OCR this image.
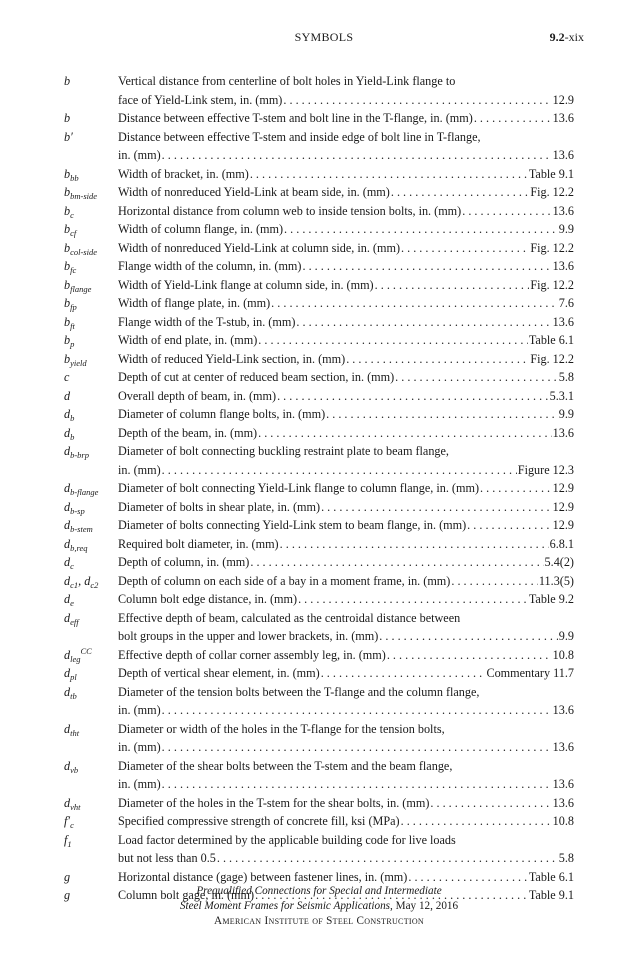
SYMBOLS	9.2-xix
b	Vertical distance from centerline of bolt holes in Yield-Link flange to
face of Yield-Link stem, in. (mm) . . .	12.9
b	Distance between effective T-stem and bolt line in the T-flange, in. (mm) . . .	13.6
b′	Distance between effective T-stem and inside edge of bolt line in T-flange,
in. (mm) . . .	13.6
$b_{bb}$	Width of bracket, in. (mm) . . .	Table 9.1
$b_{bm-side}$	Width of nonreduced Yield-Link at beam side, in. (mm) . . .	Fig. 12.2
$b_c$	Horizontal distance from column web to inside tension bolts, in. (mm) . . .	13.6
$b_{cf}$	Width of column flange, in. (mm) . . .	9.9
$b_{col-side}$	Width of nonreduced Yield-Link at column side, in. (mm) . . .	Fig. 12.2
$b_{fc}$	Flange width of the column, in. (mm) . . .	13.6
$b_{flange}$	Width of Yield-Link flange at column side, in. (mm) . . .	Fig. 12.2
$b_{fp}$	Width of flange plate, in. (mm) . . .	7.6
$b_{ft}$	Flange width of the T-stub, in. (mm) . . .	13.6
$b_p$	Width of end plate, in. (mm) . . .	Table 6.1
$b_{yield}$	Width of reduced Yield-Link section, in. (mm) . . .	Fig. 12.2
c	Depth of cut at center of reduced beam section, in. (mm) . . .	5.8
d	Overall depth of beam, in. (mm) . . .	5.3.1
$d_b$	Diameter of column flange bolts, in. (mm) . . .	9.9
$d_b$	Depth of the beam, in. (mm) . . .	13.6
$d_{b-brp}$	Diameter of bolt connecting buckling restraint plate to beam flange,
in. (mm) . . .	Figure 12.3
$d_{b-flange}$	Diameter of bolt connecting Yield-Link flange to column flange, in. (mm) . . .	12.9
$d_{b-sp}$	Diameter of bolts in shear plate, in. (mm) . . .	12.9
$d_{b-stem}$	Diameter of bolts connecting Yield-Link stem to beam flange, in. (mm) . . .	12.9
$d_{b,req}$	Required bolt diameter, in. (mm) . . .	6.8.1
$d_c$	Depth of column, in. (mm) . . .	5.4(2)
$d_{c1}$, $d_{c2}$	Depth of column on each side of a bay in a moment frame, in. (mm) . . .	11.3(5)
$d_e$	Column bolt edge distance, in. (mm) . . .	Table 9.2
$d_{eff}$	Effective depth of beam, calculated as the centroidal distance between
bolt groups in the upper and lower brackets, in. (mm) . . .	9.9
$d_{leg}^{CC}$	Effective depth of collar corner assembly leg, in. (mm) . . .	10.8
$d_{pl}$	Depth of vertical shear element, in. (mm) . . .	Commentary 11.7
$d_{tb}$	Diameter of the tension bolts between the T-flange and the column flange,
in. (mm) . . .	13.6
$d_{tht}$	Diameter or width of the holes in the T-flange for the tension bolts,
in. (mm) . . .	13.6
$d_{vb}$	Diameter of the shear bolts between the T-stem and the beam flange,
in. (mm) . . .	13.6
$d_{vht}$	Diameter of the holes in the T-stem for the shear bolts, in. (mm) . . .	13.6
$f'_c$	Specified compressive strength of concrete fill, ksi (MPa) . . .	10.8
$f_1$	Load factor determined by the applicable building code for live loads
but not less than 0.5 . . .	5.8
g	Horizontal distance (gage) between fastener lines, in. (mm) . . .	Table 6.1
g	Column bolt gage, in. (mm) . . .	Table 9.1
Prequalified Connections for Special and Intermediate
Steel Moment Frames for Seismic Applications, May 12, 2016
American Institute of Steel Construction
